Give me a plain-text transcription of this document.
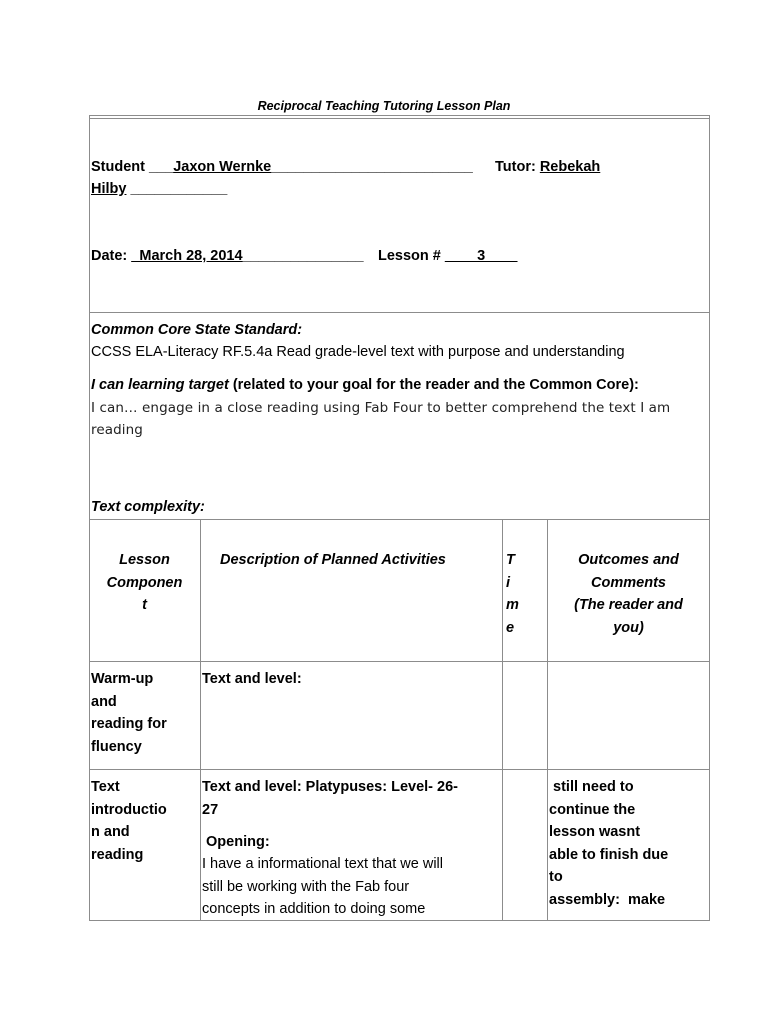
Reciprocal Teaching Tutoring Lesson Plan
Student ___Jaxon Wernke_________________________ Tutor: Rebekah
Hilby ____________
Date: _March 28, 2014_______________ Lesson # ____3____
Common Core State Standard:
CCSS ELA-Literacy RF.5.4a Read grade-level text with purpose and understanding
I can learning target (related to your goal for the reader and the Common Core):
I can… engage in a close reading using Fab Four to better comprehend the text I am
reading
Text complexity:
Lesson
Componen
t
Description of Planned Activities	T
i
m
e
Outcomes and
Comments
(The reader and
you)
Warm-up
and
reading for
fluency
Text and level:
Text
introductio
n and
reading
Text and level: Platypuses: Level- 26-
27
Opening:
I have a informational text that we will
still be working with the Fab four
concepts in addition to doing some
still need to
continue the
lesson wasnt
able to finish due
to
assembly:  make
